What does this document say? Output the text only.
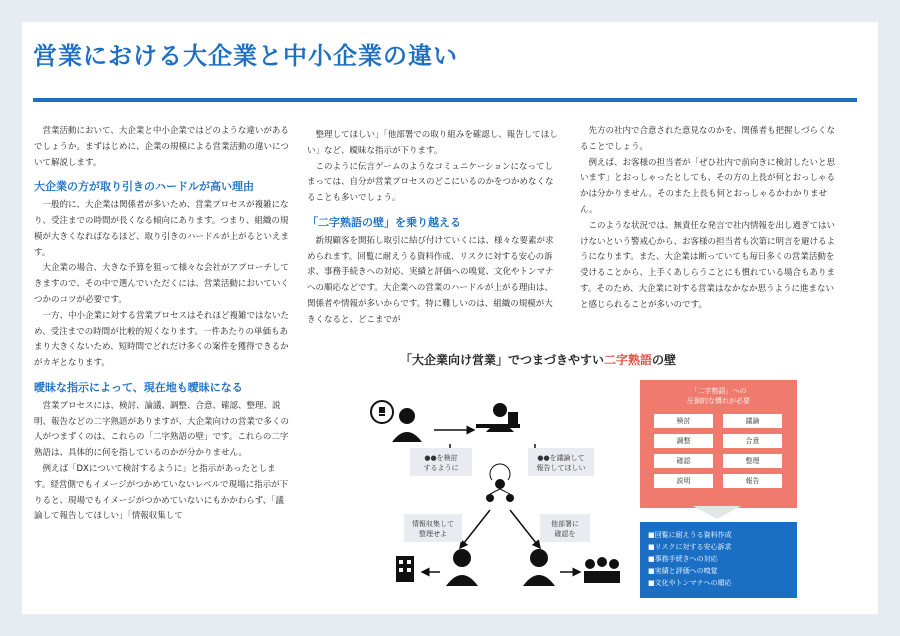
営業における大企業と中小企業の違い

営業活動において、大企業と中小企業ではどのような違いがあるでしょうか。まずはじめに、企業の規模による営業活動の違いについて解説します。

大企業の方が取り引きのハードルが高い理由

一般的に、大企業は関係者が多いため、営業プロセスが複雑になり、受注までの時間が長くなる傾向にあります。つまり、組織の規模が大きくなればなるほど、取り引きのハードルが上がるといえます。

大企業の場合、大きな予算を狙って様々な会社がアプローチしてきますので、その中で選んでいただくには、営業活動においていくつかのコツが必要です。

一方、中小企業に対する営業プロセスはそれほど複雑ではないため、受注までの時間が比較的短くなります。一件あたりの単価もあまり大きくないため、短時間でどれだけ多くの案件を獲得できるかがカギとなります。

曖昧な指示によって、現在地も曖昧になる

営業プロセスには、検討、論議、調整、合意、確認、整理、説明、報告などの二字熟語がありますが、大企業向けの営業で多くの人がつまずくのは、これらの「二字熟語の壁」です。これらの二字熟語は、具体的に何を指しているのかが分かりません。

例えば「DXについて検討するように」と指示があったとします。経営側でもイメージがつかめていないレベルで現場に指示が下りると、現場でもイメージがつかめていないにもかかわらず、「議論して報告してほしい」「情報収集して

整理してほしい」「他部署での取り組みを確認し、報告してほしい」など、曖昧な指示が下ります。

このように伝言ゲームのようなコミュニケーションになってしまっては、自分が営業プロセスのどこにいるのかをつかめなくなることも多いでしょう。

「二字熟語の壁」を乗り越える

新規顧客を開拓し取引に結び付けていくには、様々な要素が求められます。回覧に耐えうる資料作成、リスクに対する安心の訴求、事務手続きへの対応、実績と評価への嗅覚、文化やトンマナへの順応などです。大企業への営業のハードルが上がる理由は、関係者や情報が多いからです。特に難しいのは、組織の規模が大きくなると、どこまでが

先方の社内で合意された意見なのかを、関係者も把握しづらくなることでしょう。

例えば、お客様の担当者が「ぜひ社内で前向きに検討したいと思います」とおっしゃったとしても、その方の上長が何とおっしゃるかは分かりません。そのまた上長も何とおっしゃるかわかりません。

このような状況では、無責任な発言で社内情報を出し過ぎてはいけないという警戒心から、お客様の担当者も次第に明言を避けるようになります。また、大企業は断っていても毎日多くの営業活動を受けることから、上手くあしらうことにも慣れている場合もあります。そのため、大企業に対する営業はなかなか思うように進まないと感じられることが多いのです。

「大企業向け営業」でつまづきやすい二字熟語の壁
●●を検討
するように
●●を議論して
報告してほしい
情報収集して
整理せよ
他部署に
確認を
「二字熟語」への
圧倒的な慣れが必要
検討	議論
調整	合意
確認	整理
説明	報告
■回覧に耐えうる資料作成
■リスクに対する安心訴求
■事務手続きへの対応
■実績と評価への嗅覚
■文化やトンマナへの順応
